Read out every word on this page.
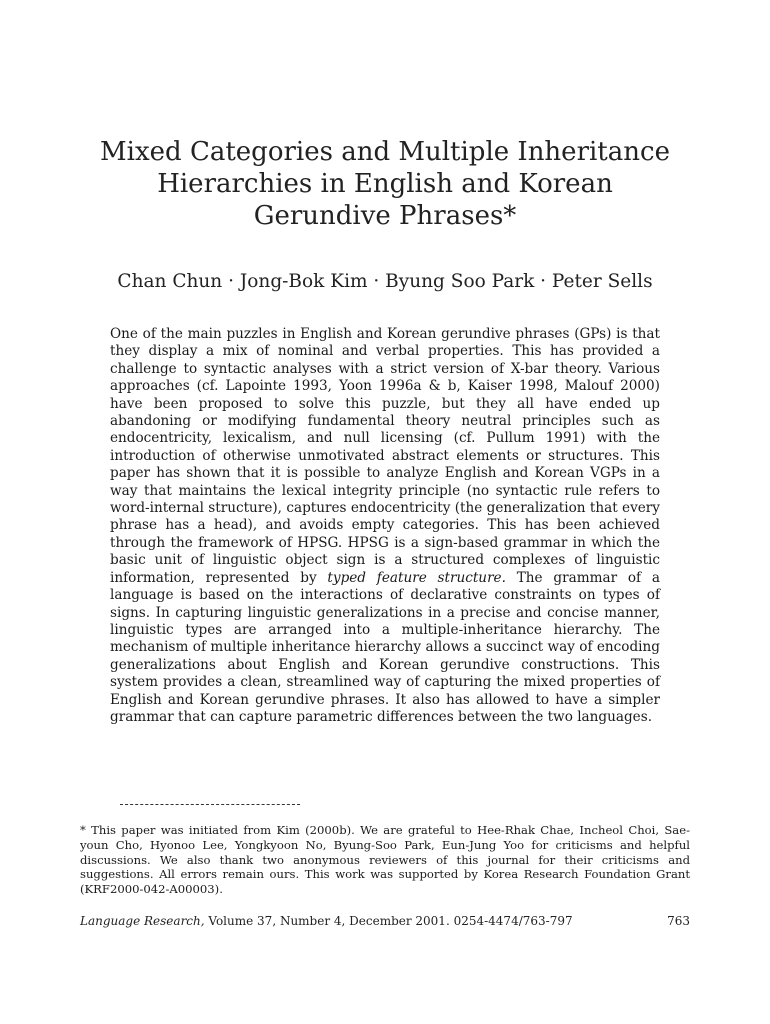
Mixed Categories and Multiple Inheritance
Hierarchies in English and Korean
Gerundive Phrases*
Chan Chun · Jong-Bok Kim · Byung Soo Park · Peter Sells

One of the main puzzles in English and Korean gerundive phrases (GPs) is that they display a mix of nominal and verbal properties. This has provided a challenge to syntactic analyses with a strict version of X-bar theory. Various approaches (cf. Lapointe 1993, Yoon 1996a & b, Kaiser 1998, Malouf 2000) have been proposed to solve this puzzle, but they all have ended up abandoning or modifying fundamental theory neutral principles such as endocentricity, lexicalism, and null licensing (cf. Pullum 1991) with the introduction of otherwise unmotivated abstract elements or structures. This paper has shown that it is possible to analyze English and Korean VGPs in a way that maintains the lexical integrity principle (no syntactic rule refers to word-internal structure), captures endocentricity (the generalization that every phrase has a head), and avoids empty categories. This has been achieved through the framework of HPSG. HPSG is a sign-based grammar in which the basic unit of linguistic object sign is a structured complexes of linguistic information, represented by typed feature structure. The grammar of a language is based on the interactions of declarative constraints on types of signs. In capturing linguistic generalizations in a precise and concise manner, linguistic types are arranged into a multiple-inheritance hierarchy. The mechanism of multiple inheritance hierarchy allows a succinct way of encoding generalizations about English and Korean gerundive constructions. This system provides a clean, streamlined way of capturing the mixed properties of English and Korean gerundive phrases. It also has allowed to have a simpler grammar that can capture parametric differences between the two languages.

* This paper was initiated from Kim (2000b). We are grateful to Hee-Rhak Chae, Incheol Choi, Sae-youn Cho, Hyonoo Lee, Yongkyoon No, Byung-Soo Park, Eun-Jung Yoo for criticisms and helpful discussions. We also thank two anonymous reviewers of this journal for their criticisms and suggestions. All errors remain ours. This work was supported by Korea Research Foundation Grant (KRF2000-042-A00003).

Language Research, Volume 37, Number 4, December 2001. 0254-4474/763-797	763
